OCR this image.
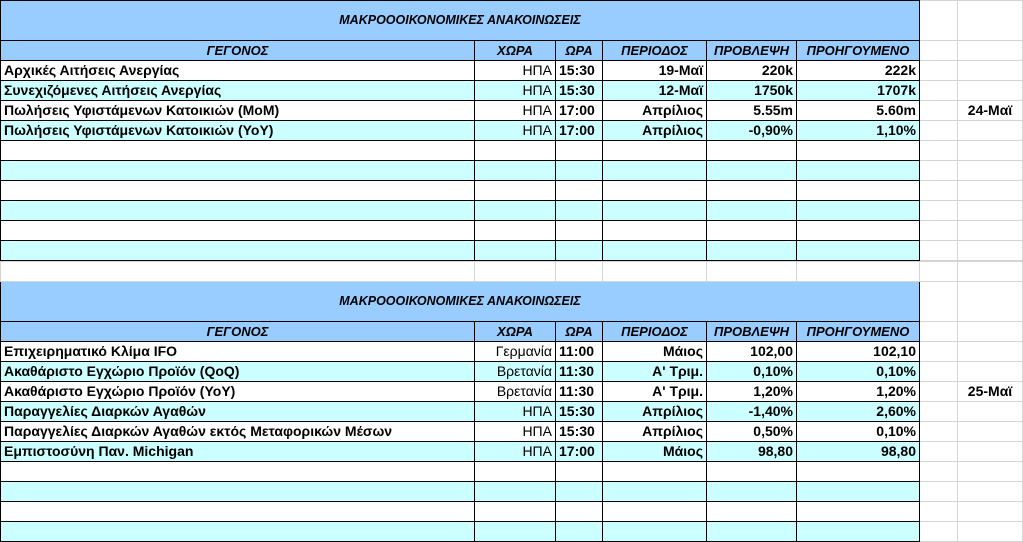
ΜΑΚΡΟΟΟΙΚΟΝΟΜΙΚΕΣ ΑΝΑΚΟΙΝΩΣΕΙΣ							
ΓΕΓΟΝΟΣ	ΧΩΡΑ	ΩΡΑ	ΠΕΡΙΟΔΟΣ	ΠΡΟΒΛΕΨΗ	ΠΡΟΗΓΟΥΜΕΝΟ		
Αρχικές Αιτήσεις Ανεργίας	ΗΠΑ	15:30	19-Μαϊ	220k	222k		
Συνεχιζόμενες Αιτήσεις Ανεργίας	ΗΠΑ	15:30	12-Μαϊ	1750k	1707k		
Πωλήσεις Υφιστάμενων Κατοικιών (MoM)	ΗΠΑ	17:00	Απρίλιος	5.55m	5.60m		24-Μαϊ
Πωλήσεις Υφιστάμενων Κατοικιών (YoY)	ΗΠΑ	17:00	Απρίλιος	-0,90%	1,10%		

ΜΑΚΡΟΟΟΙΚΟΝΟΜΙΚΕΣ ΑΝΑΚΟΙΝΩΣΕΙΣ							
ΓΕΓΟΝΟΣ	ΧΩΡΑ	ΩΡΑ	ΠΕΡΙΟΔΟΣ	ΠΡΟΒΛΕΨΗ	ΠΡΟΗΓΟΥΜΕΝΟ		
Επιχειρηματικό Κλίμα IFO	Γερμανία	11:00	Μάιος	102,00	102,10		
Ακαθάριστο Εγχώριο Προϊόν (QoQ)	Βρετανία	11:30	Α' Τριμ.	0,10%	0,10%		
Ακαθάριστο Εγχώριο Προϊόν (YoY)	Βρετανία	11:30	Α' Τριμ.	1,20%	1,20%		25-Μαϊ
Παραγγελίες Διαρκών Αγαθών	ΗΠΑ	15:30	Απρίλιος	-1,40%	2,60%		
Παραγγελίες Διαρκών Αγαθών εκτός Μεταφορικών Μέσων	ΗΠΑ	15:30	Απρίλιος	0,50%	0,10%		
Εμπιστοσύνη Παν. Michigan	ΗΠΑ	17:00	Μάιος	98,80	98,80		
